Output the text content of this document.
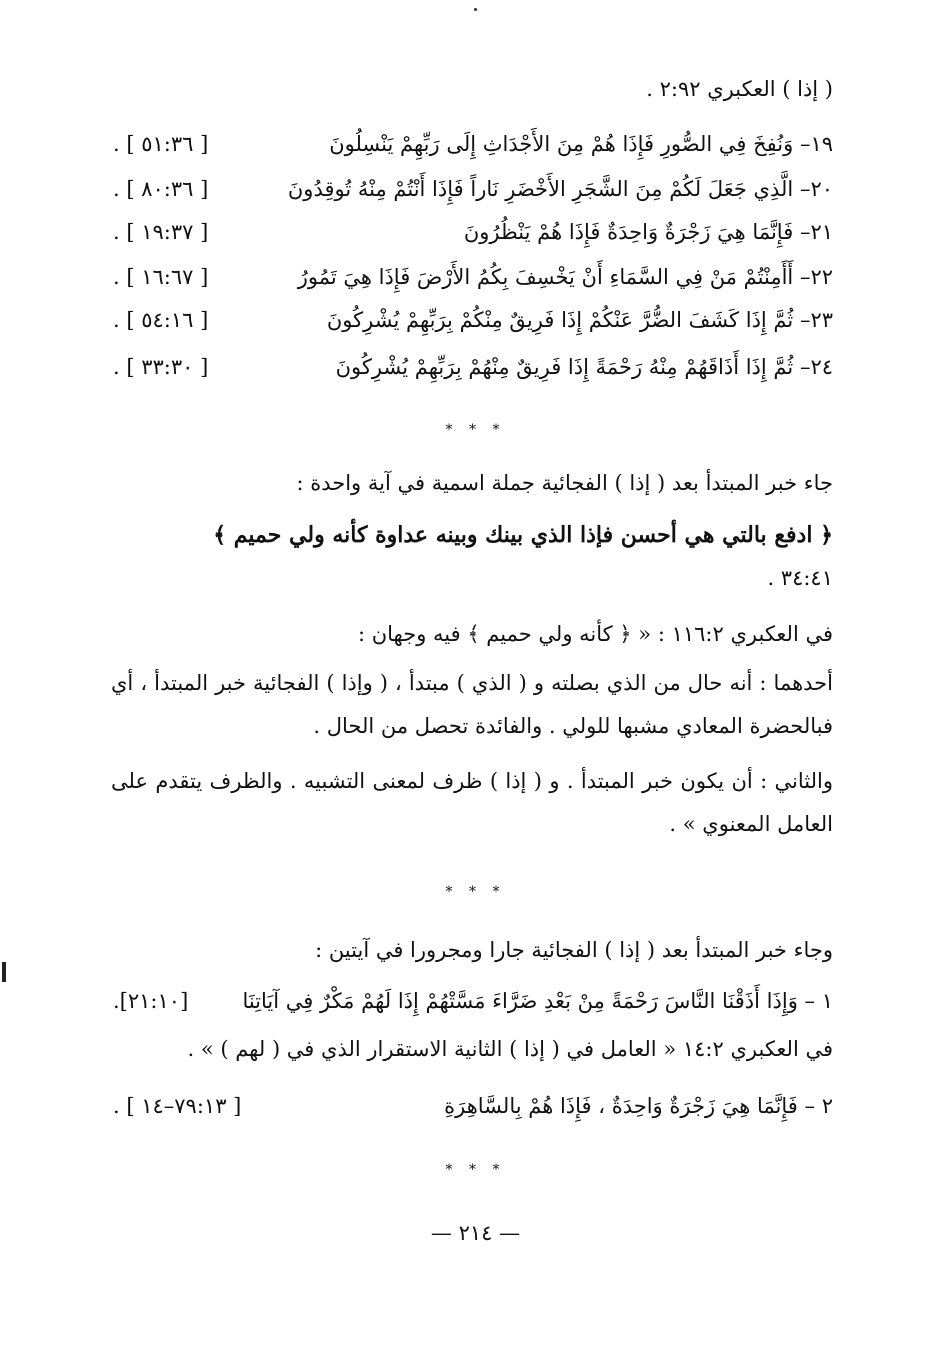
( إذا ) العكبري ٢:٩٢ .
١٩– وَنُفِخَ فِي الصُّورِ فَإِذَا هُمْ مِنَ الأَجْدَاثِ إِلَى رَبِّهِمْ يَنْسِلُونَ
[ ٥١:٣٦ ] .
٢٠– الَّذِي جَعَلَ لَكُمْ مِنَ الشَّجَرِ الأَخْضَرِ نَاراً فَإِذَا أَنْتُمْ مِنْهُ تُوقِدُونَ
[ ٨٠:٣٦ ] .
٢١– فَإِنَّمَا هِيَ زَجْرَةٌ وَاحِدَةٌ فَإِذَا هُمْ يَنْظُرُونَ
[ ١٩:٣٧ ] .
٢٢– أَأَمِنْتُمْ مَنْ فِي السَّمَاءِ أَنْ يَخْسِفَ بِكُمُ الأَرْضَ فَإِذَا هِيَ تَمُورُ
[ ١٦:٦٧ ] .
٢٣– ثُمَّ إِذَا كَشَفَ الضُّرَّ عَنْكُمْ إِذَا فَرِيقٌ مِنْكُمْ بِرَبِّهِمْ يُشْرِكُونَ
[ ٥٤:١٦ ] .
٢٤– ثُمَّ إِذَا أَذَاقَهُمْ مِنْهُ رَحْمَةً إِذَا فَرِيقٌ مِنْهُمْ بِرَبِّهِمْ يُشْرِكُونَ
[ ٣٣:٣٠ ] .
* * *
جاء خبر المبتدأ بعد ( إذا ) الفجائية جملة اسمية في آية واحدة :
﴿ ادفع بالتي هي أحسن فإذا الذي بينك وبينه عداوة كأنه ولي حميم ﴾
٣٤:٤١ .
في العكبري ١١٦:٢ : « ﴿ كأنه ولي حميم ﴾ فيه وجهان :
أحدهما : أنه حال من الذي بصلته و ( الذي ) مبتدأ ، ( وإذا ) الفجائية خبر المبتدأ ، أي فبالحضرة المعادي مشبها للولي . والفائدة تحصل من الحال .
والثاني : أن يكون خبر المبتدأ . و ( إذا ) ظرف لمعنى التشبيه . والظرف يتقدم على العامل المعنوي » .
* * *
وجاء خبر المبتدأ بعد ( إذا ) الفجائية جارا ومجرورا في آيتين :
١ – وَإِذَا أَذَقْنَا النَّاسَ رَحْمَةً مِنْ بَعْدِ ضَرَّاءَ مَسَّتْهُمْ إِذَا لَهُمْ مَكْرٌ فِي آيَاتِنَا
[٢١:١٠].
في العكبري ١٤:٢ « العامل في ( إذا ) الثانية الاستقرار الذي في ( لهم ) » .
٢ – فَإِنَّمَا هِيَ زَجْرَةٌ وَاحِدَةٌ ، فَإِذَا هُمْ بِالسَّاهِرَةِ
[ ٧٩:١٣–١٤ ] .
* * *
— ٢١٤ —
